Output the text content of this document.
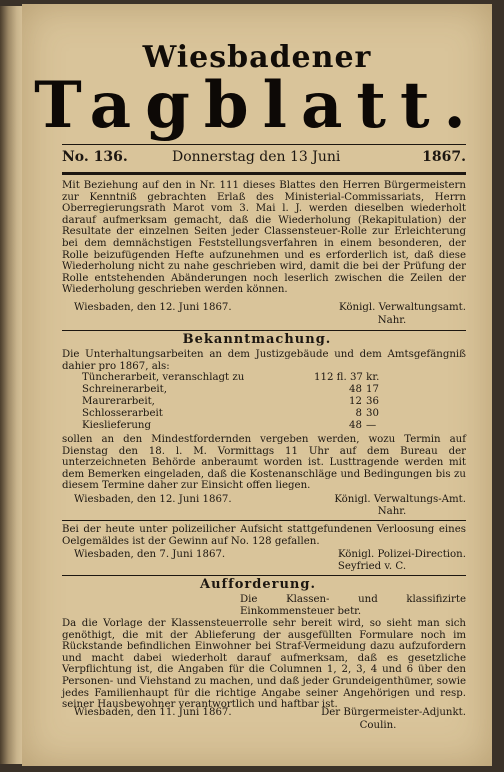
Wiesbadener
Tagblatt.
No. 136.	Donnerstag den 13 Juni	1867.
Mit Beziehung auf den in Nr. 111 dieses Blattes den Herren Bürgermeistern zur Kenntniß gebrachten Erlaß des Ministerial-Commissariats, Herrn Oberregierungsrath Marot vom 3. Mai l. J. werden dieselben wiederholt darauf aufmerksam gemacht, daß die Wiederholung (Rekapitulation) der Resultate der einzelnen Seiten jeder Classensteuer-Rolle zur Erleichterung bei dem demnächstigen Feststellungsverfahren in einem besonderen, der Rolle beizufügenden Hefte aufzunehmen und es erforderlich ist, daß diese Wiederholung nicht zu nahe geschrieben wird, damit die bei der Prüfung der Rolle entstehenden Abänderungen noch leserlich zwischen die Zeilen der Wiederholung geschrieben werden können.
Wiesbaden, den 12. Juni 1867.	Königl. Verwaltungsamt.
Nahr.
Bekanntmachung.
Die Unterhaltungsarbeiten an dem Justizgebäude und dem Amtsgefängniß dahier pro 1867, als:
Tüncherarbeit, veranschlagt zu	112 fl. 37 kr.
Schreinerarbeit,	48 17
Maurerarbeit,	12 36
Schlosserarbeit	8 30
Kieslieferung	48 —
sollen an den Mindestfordernden vergeben werden, wozu Termin auf Dienstag den 18. l. M. Vormittags 11 Uhr auf dem Bureau der unterzeichneten Behörde anberaumt worden ist. Lusttragende werden mit dem Bemerken eingeladen, daß die Kostenanschläge und Bedingungen bis zu diesem Termine daher zur Einsicht offen liegen.
Wiesbaden, den 12. Juni 1867.	Königl. Verwaltungs-Amt.
Nahr.
Bei der heute unter polizeilicher Aufsicht stattgefundenen Verloosung eines Oelgemäldes ist der Gewinn auf No. 128 gefallen.
Wiesbaden, den 7. Juni 1867.	Königl. Polizei-Direction.
Seyfried v. C.
Aufforderung.
Die Klassen- und klassifizirte Einkommensteuer betr.
Da die Vorlage der Klassensteuerrolle sehr bereit wird, so sieht man sich genöthigt, die mit der Ablieferung der ausgefüllten Formulare noch im Rückstande befindlichen Einwohner bei Straf-Vermeidung dazu aufzufordern und macht dabei wiederholt darauf aufmerksam, daß es gesetzliche Verpflichtung ist, die Angaben für die Columnen 1, 2, 3, 4 und 6 über den Personen- und Viehstand zu machen, und daß jeder Grundeigenthümer, sowie jedes Familienhaupt für die richtige Angabe seiner Angehörigen und resp. seiner Hausbewohner verantwortlich und haftbar ist.
Wiesbaden, den 11. Juni 1867.	Der Bürgermeister-Adjunkt.
Coulin.
